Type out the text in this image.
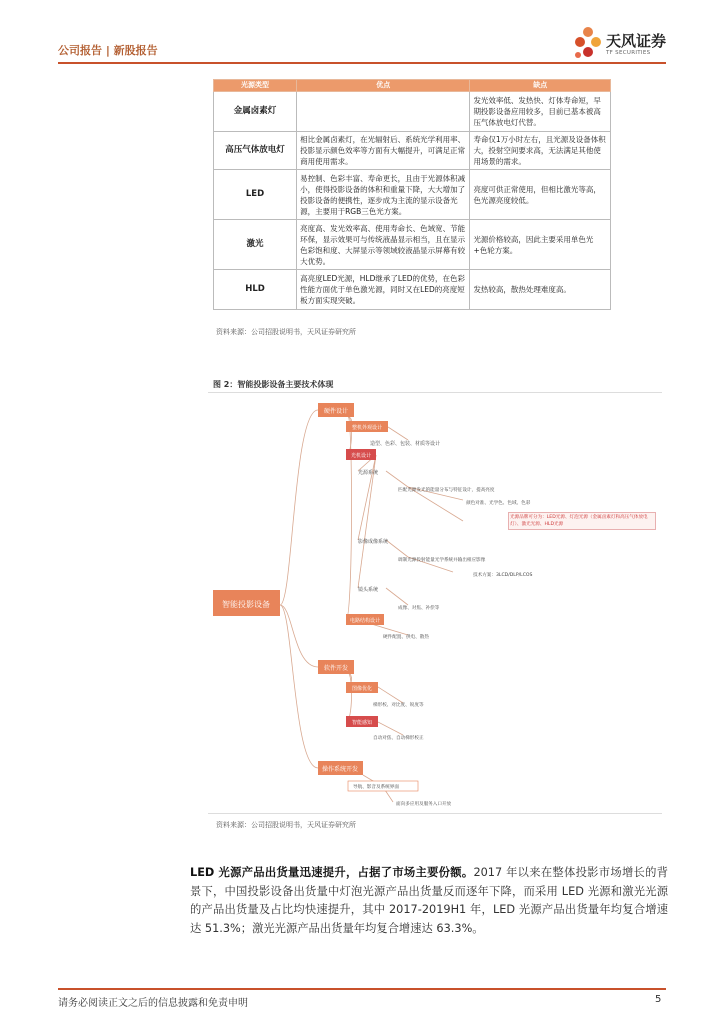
公司报告 | 新股报告
天风证券
TF SECURITIES
光源类型	优点	缺点
金属卤素灯		发光效率低、发热快、灯体寿命短，早期投影设备应用较多，目前已基本被高压气体放电灯代替。
高压气体放电灯	相比金属卤素灯，在光辐射后、系统光学利用率、投影显示颜色效率等方面有大幅提升，可满足正常商用使用需求。	寿命仅1万小时左右，且光源及设备体积大，投射空间要求高，无法满足其他使用场景的需求。
LED	易控制、色彩丰富、寿命更长，且由于光源体积减小，使得投影设备的体积和重量下降，大大增加了投影设备的便携性，逐步成为主流的显示设备光源，主要用于RGB三色光方案。	亮度可供正常使用，但相比激光等高，色光源亮度较低。
激光	亮度高、发光效率高、使用寿命长、色域宽、节能环保，显示效果可与传统液晶显示相当，且在显示色彩饱和度、大屏显示等领域较液晶显示屏幕有较大优势。	光源价格较高，因此主要采用单色光+色轮方案。
HLD	高亮度LED光源，HLD继承了LED的优势，在色彩性能方面优于单色激光源，同时又在LED的亮度短板方面实现突破。	发热较高，散热处理难度高。
资料来源：公司招股说明书，天风证券研究所
图 2：智能投影设备主要技术体现
智能投影设备
硬件设计
整机外观设计
造型、色彩、包装、材质等设计
光机设计
光源系统
匹配光源发光的能量分布与特征设计，提高亮度
颜色对准、光学色、色域、色彩
光源品牌可分为：LED光源、灯泡光源（金属卤素灯和高压气体放电灯）、激光光源、HLD光源
影像成像系统
调制光源投射能量光学系统并输出相应影像
技术方案：3LCD/DLP/LCOS
镜头系统
成像、对焦、补偿等
电路结构设计
硬件配置、供电、散热
软件开发
图像优化
梯形校、对比度、锐度等
智能感知
自动对焦、自动梯形校正
操作系统开发
导航、影音及系统界面
面向多应用及服务入口开放
资料来源：公司招股说明书，天风证券研究所
LED 光源产品出货量迅速提升，占据了市场主要份额。2017 年以来在整体投影市场增长的背景下，中国投影设备出货量中灯泡光源产品出货量反而逐年下降，而采用 LED 光源和激光光源的产品出货量及占比均快速提升，其中 2017-2019H1 年，LED 光源产品出货量年均复合增速达 51.3%；激光光源产品出货量年均复合增速达 63.3%。
请务必阅读正文之后的信息披露和免责申明	5
